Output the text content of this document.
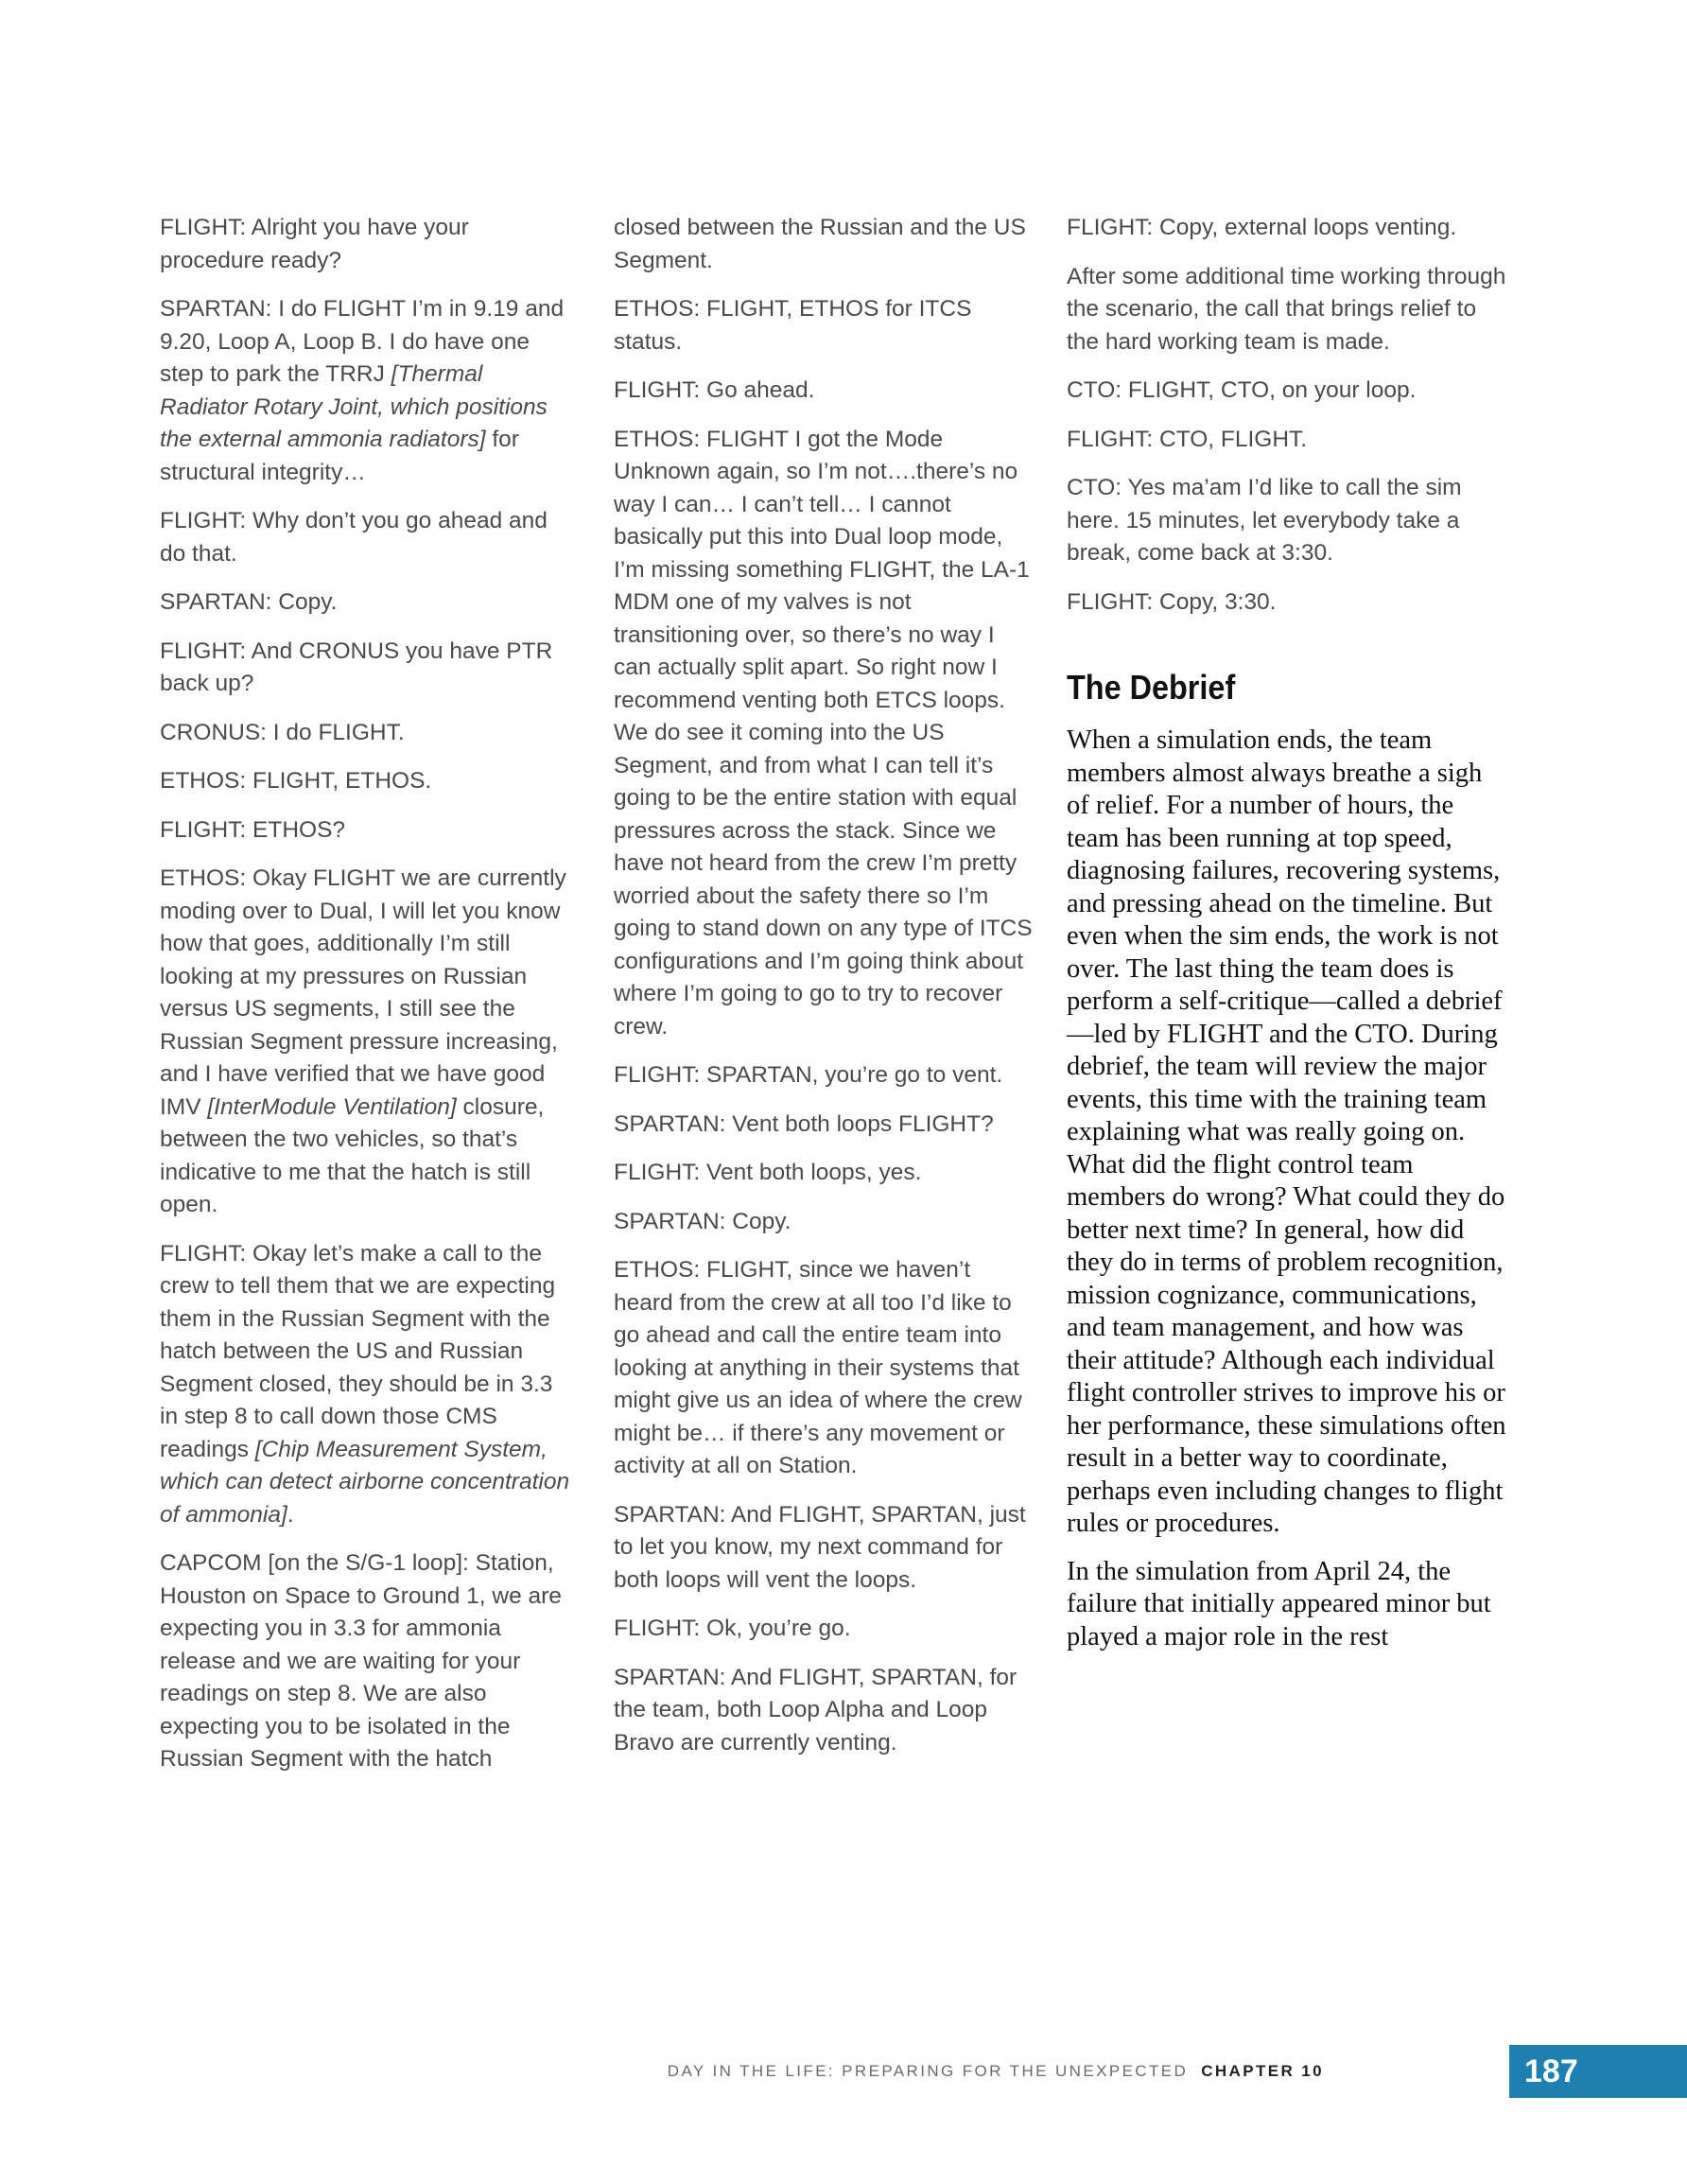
FLIGHT: Alright you have your procedure ready?

SPARTAN: I do FLIGHT I’m in 9.19 and 9.20, Loop A, Loop B. I do have one step to park the TRRJ [Thermal Radiator Rotary Joint, which positions the external ammonia radiators] for structural integrity…

FLIGHT: Why don’t you go ahead and do that.

SPARTAN: Copy.

FLIGHT: And CRONUS you have PTR back up?

CRONUS: I do FLIGHT.

ETHOS: FLIGHT, ETHOS.

FLIGHT: ETHOS?

ETHOS: Okay FLIGHT we are currently moding over to Dual, I will let you know how that goes, additionally I’m still looking at my pressures on Russian versus US segments, I still see the Russian Segment pressure increasing, and I have verified that we have good IMV [InterModule Ventilation] closure, between the two vehicles, so that’s indicative to me that the hatch is still open.

FLIGHT: Okay let’s make a call to the crew to tell them that we are expecting them in the Russian Segment with the hatch between the US and Russian Segment closed, they should be in 3.3 in step 8 to call down those CMS readings [Chip Measurement System, which can detect airborne concentration of ammonia].

CAPCOM [on the S/G-1 loop]: Station, Houston on Space to Ground 1, we are expecting you in 3.3 for ammonia release and we are waiting for your readings on step 8. We are also expecting you to be isolated in the Russian Segment with the hatch

closed between the Russian and the US Segment.

ETHOS: FLIGHT, ETHOS for ITCS status.

FLIGHT: Go ahead.

ETHOS: FLIGHT I got the Mode Unknown again, so I’m not….there’s no way I can… I can’t tell… I cannot basically put this into Dual loop mode, I’m missing something FLIGHT, the LA-1 MDM one of my valves is not transitioning over, so there’s no way I can actually split apart. So right now I recommend venting both ETCS loops. We do see it coming into the US Segment, and from what I can tell it’s going to be the entire station with equal pressures across the stack. Since we have not heard from the crew I’m pretty worried about the safety there so I’m going to stand down on any type of ITCS configurations and I’m going think about where I’m going to go to try to recover crew.

FLIGHT: SPARTAN, you’re go to vent.

SPARTAN: Vent both loops FLIGHT?

FLIGHT: Vent both loops, yes.

SPARTAN: Copy.

ETHOS: FLIGHT, since we haven’t heard from the crew at all too I’d like to go ahead and call the entire team into looking at anything in their systems that might give us an idea of where the crew might be… if there’s any movement or activity at all on Station.

SPARTAN: And FLIGHT, SPARTAN, just to let you know, my next command for both loops will vent the loops.

FLIGHT: Ok, you’re go.

SPARTAN: And FLIGHT, SPARTAN, for the team, both Loop Alpha and Loop Bravo are currently venting.

FLIGHT: Copy, external loops venting.

After some additional time working through the scenario, the call that brings relief to the hard working team is made.

CTO: FLIGHT, CTO, on your loop.

FLIGHT: CTO, FLIGHT.

CTO: Yes ma’am I’d like to call the sim here. 15 minutes, let everybody take a break, come back at 3:30.

FLIGHT: Copy, 3:30.

The Debrief

When a simulation ends, the team members almost always breathe a sigh of relief. For a number of hours, the team has been running at top speed, diagnosing failures, recovering systems, and pressing ahead on the timeline. But even when the sim ends, the work is not over. The last thing the team does is perform a self-critique—called a debrief—led by FLIGHT and the CTO. During debrief, the team will review the major events, this time with the training team explaining what was really going on. What did the flight control team members do wrong? What could they do better next time? In general, how did they do in terms of problem recognition, mission cognizance, communications, and team management, and how was their attitude? Although each individual flight controller strives to improve his or her performance, these simulations often result in a better way to coordinate, perhaps even including changes to flight rules or procedures.

In the simulation from April 24, the failure that initially appeared minor but played a major role in the rest

DAY IN THE LIFE: PREPARING FOR THE UNEXPECTED CHAPTER 10	187
